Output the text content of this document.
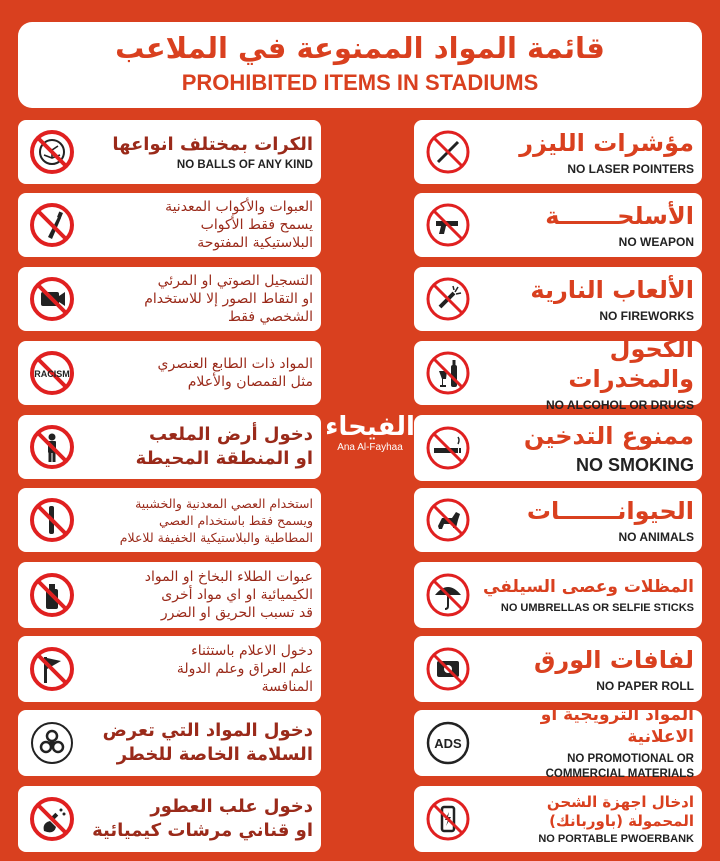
قائمة المواد الممنوعة في الملاعب
PROHIBITED ITEMS IN STADIUMS
الكرات بمختلف انواعها
NO BALLS OF ANY KIND
العبوات والأكواب المعدنية
يسمح فقط الأكواب
البلاستيكية المفتوحة
التسجيل الصوتي او المرئي
او التقاط الصور إلا للاستخدام
الشخصي فقط
RACISM
المواد ذات الطابع العنصري
مثل القمصان والأعلام
دخول أرض الملعب
او المنطقة المحيطة
استخدام العصي المعدنية والخشبية
ويسمح فقط باستخدام العصي
المطاطية والبلاستيكية الخفيفة للاعلام
عبوات الطلاء البخاخ او المواد
الكيميائية او اي مواد أخرى
قد تسبب الحريق او الضرر
دخول الاعلام باستثناء
علم العراق وعلم الدولة
المنافسة
دخول المواد التي تعرض
السلامة الخاصة للخطر
دخول علب العطور
او قناني مرشات كيميائية
مؤشرات الليزر
NO LASER POINTERS
الأسلحـــــــة
NO WEAPON
الألعاب النارية
NO FIREWORKS
الكحول والمخدرات
NO ALCOHOL OR DRUGS
ممنوع التدخين
NO SMOKING
الحيوانـــــــات
NO ANIMALS
المظلات وعصى السيلفي
NO UMBRELLAS OR SELFIE STICKS
لفافات الورق
NO PAPER ROLL
ADS
المواد الترويجية او الاعلانية
NO PROMOTIONAL OR
COMMERCIAL MATERIALS
ادخال اجهزة الشحن
المحمولة (باوربانك)
NO PORTABLE PWOERBANK
الفيحاء
Ana Al-Fayhaa
